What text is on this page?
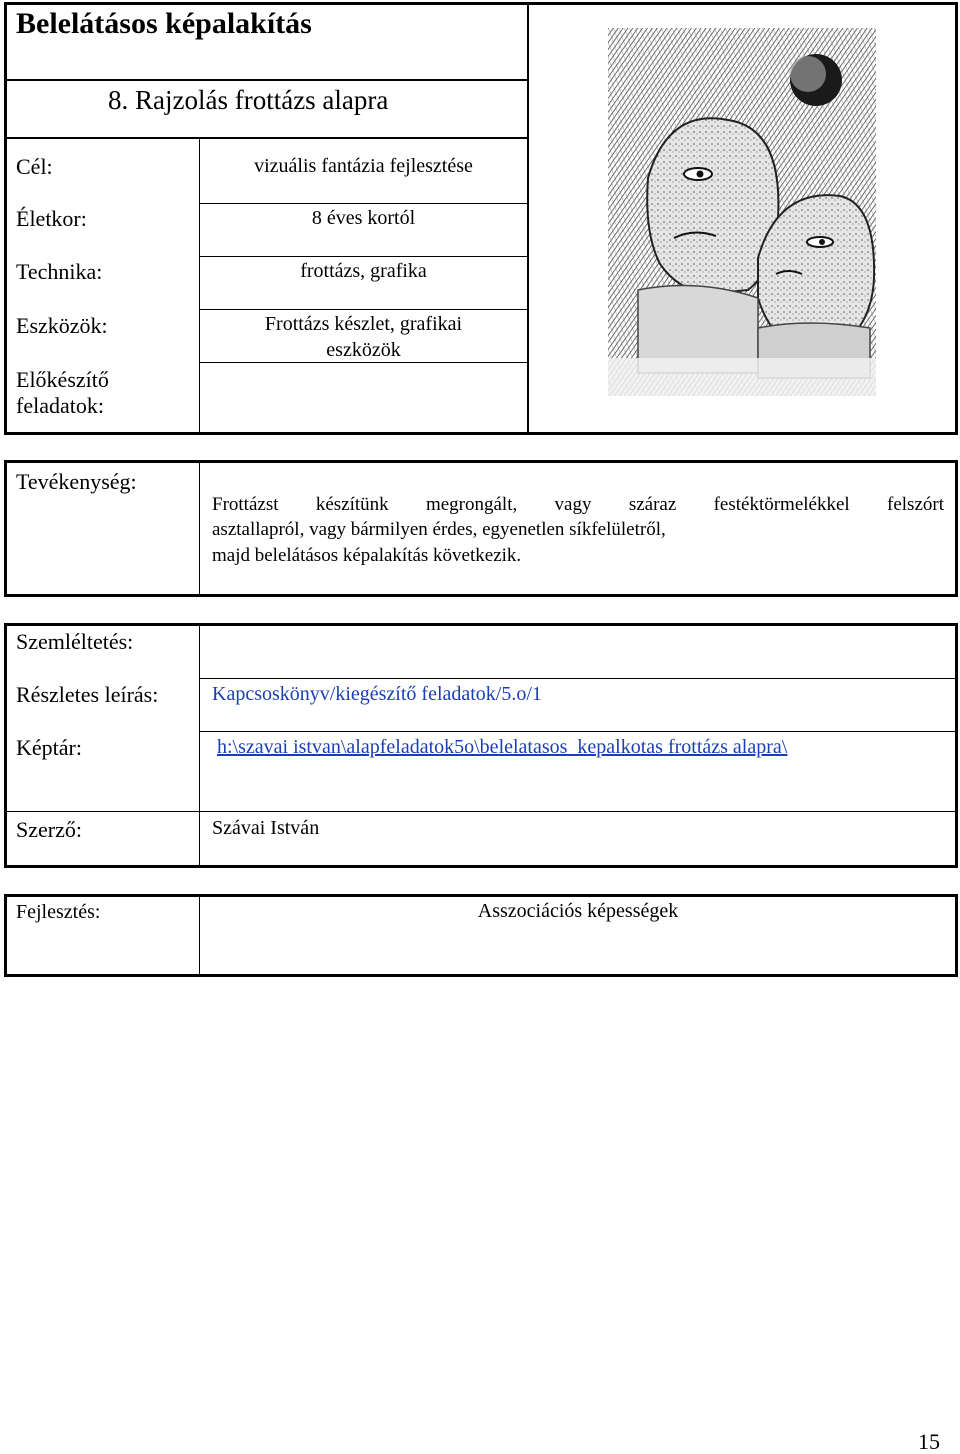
Belelátásos képalakítás
8. Rajzolás frottázs alapra
Cél:	vizuális fantázia fejlesztése
Életkor:	8 éves kortól
Technika:	frottázs, grafika
Eszközök:	Frottázs készlet, grafikai
eszközök
Előkészítő
feladatok:
Tevékenység:
Frottázst készítünk megrongált, vagy száraz festéktörmelékkel felszórt
asztallapról, vagy bármilyen érdes, egyenetlen síkfelületről,
majd belelátásos képalakítás következik.
Szemléltetés:
Részletes leírás:	Kapcsoskönyv/kiegészítő feladatok/5.o/1
Képtár:	h:\szavai istvan\alapfeladatok5o\belelatasos_kepalkotas frottázs alapra\
Szerző:	Szávai István
Fejlesztés:	Asszociációs képességek
15
